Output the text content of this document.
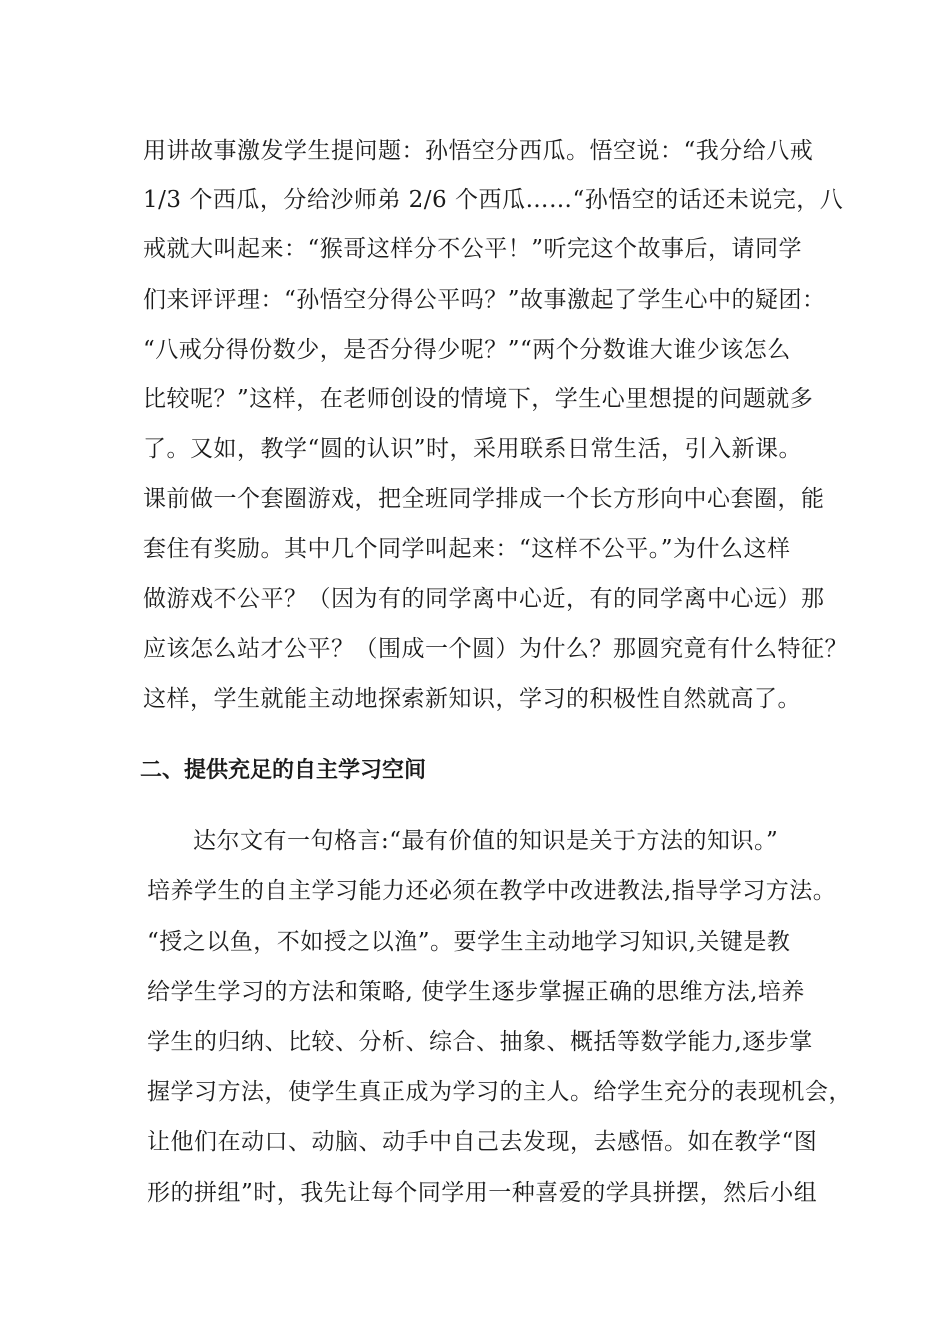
用讲故事激发学生提问题：孙悟空分西瓜。悟空说：“我分给八戒
1/3 个西瓜，分给沙师弟 2/6 个西瓜……“孙悟空的话还未说完，八
戒就大叫起来：“猴哥这样分不公平！”听完这个故事后，请同学
们来评评理：“孙悟空分得公平吗？”故事激起了学生心中的疑团：
“八戒分得份数少，是否分得少呢？”“两个分数谁大谁少该怎么
比较呢？”这样，在老师创设的情境下，学生心里想提的问题就多
了。又如，教学“圆的认识”时，采用联系日常生活，引入新课。
课前做一个套圈游戏，把全班同学排成一个长方形向中心套圈，能
套住有奖励。其中几个同学叫起来：“这样不公平。”为什么这样
做游戏不公平？（因为有的同学离中心近，有的同学离中心远）那
应该怎么站才公平？（围成一个圆）为什么？那圆究竟有什么特征？
这样，学生就能主动地探索新知识，学习的积极性自然就高了。
二、提供充足的自主学习空间
达尔文有一句格言:“最有价值的知识是关于方法的知识。”
培养学生的自主学习能力还必须在教学中改进教法,指导学习方法。
“授之以鱼，不如授之以渔”。要学生主动地学习知识,关键是教
给学生学习的方法和策略, 使学生逐步掌握正确的思维方法,培养
学生的归纳、比较、分析、综合、抽象、概括等数学能力,逐步掌
握学习方法，使学生真正成为学习的主人。给学生充分的表现机会，
让他们在动口、动脑、动手中自己去发现，去感悟。如在教学“图
形的拼组”时，我先让每个同学用一种喜爱的学具拼摆，然后小组
